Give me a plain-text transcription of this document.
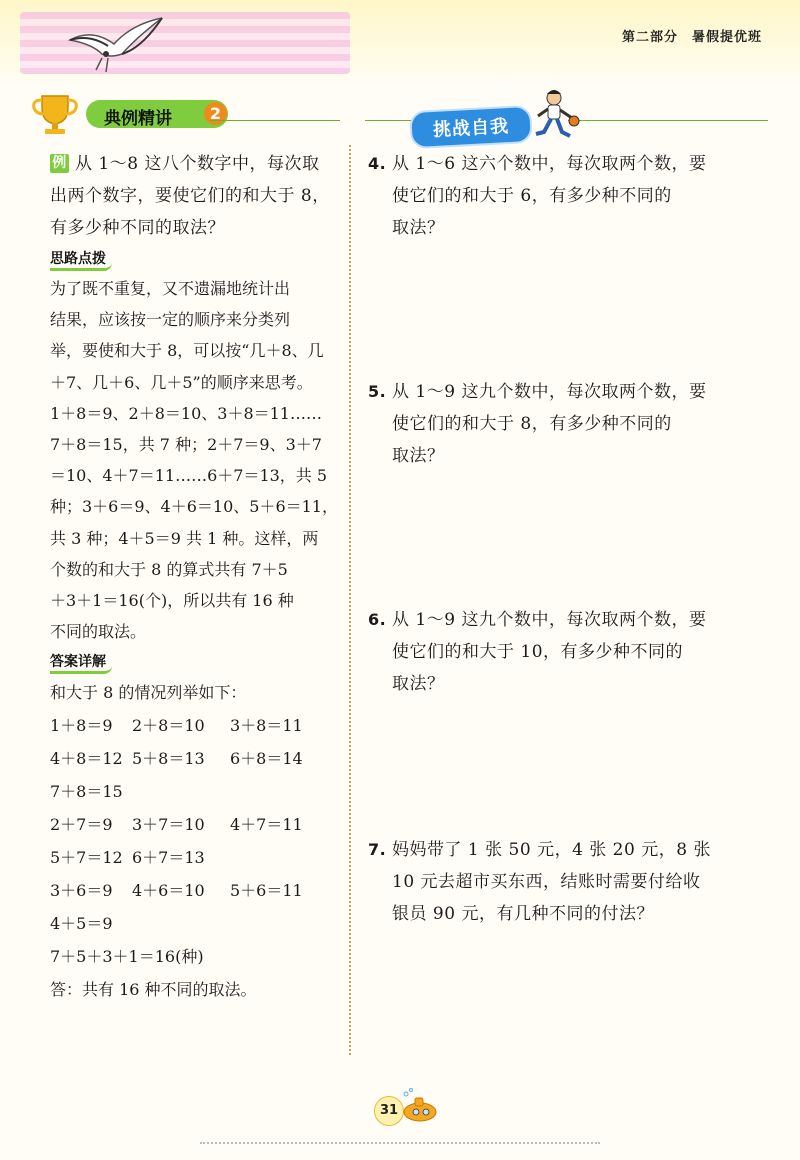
第二部分 暑假提优班
典例精讲	2
挑战自我
例 从 1～8 这八个数字中，每次取
出两个数字，要使它们的和大于 8，
有多少种不同的取法？
思路点拨
为了既不重复，又不遗漏地统计出
结果，应该按一定的顺序来分类列
举，要使和大于 8，可以按“几＋8、几
＋7、几＋6、几＋5”的顺序来思考。
1＋8＝9、2＋8＝10、3＋8＝11……
7＋8＝15，共 7 种；2＋7＝9、3＋7
＝10、4＋7＝11……6＋7＝13，共 5
种；3＋6＝9、4＋6＝10、5＋6＝11，
共 3 种；4＋5＝9 共 1 种。这样，两
个数的和大于 8 的算式共有 7＋5
＋3＋1＝16(个)，所以共有 16 种
不同的取法。
答案详解
和大于 8 的情况列举如下：
1＋8＝9	2＋8＝10	3＋8＝11
4＋8＝12 5＋8＝13	6＋8＝14
7＋8＝15
2＋7＝9	3＋7＝10	4＋7＝11
5＋7＝12 6＋7＝13
3＋6＝9	4＋6＝10	5＋6＝11
4＋5＝9
7＋5＋3＋1＝16(种)
答：共有 16 种不同的取法。
4. 从 1～6 这六个数中，每次取两个数，要
使它们的和大于 6，有多少种不同的
取法？
5. 从 1～9 这九个数中，每次取两个数，要
使它们的和大于 8，有多少种不同的
取法？
6. 从 1～9 这九个数中，每次取两个数，要
使它们的和大于 10，有多少种不同的
取法？
7. 妈妈带了 1 张 50 元，4 张 20 元，8 张
10 元去超市买东西，结账时需要付给收
银员 90 元，有几种不同的付法？
31
